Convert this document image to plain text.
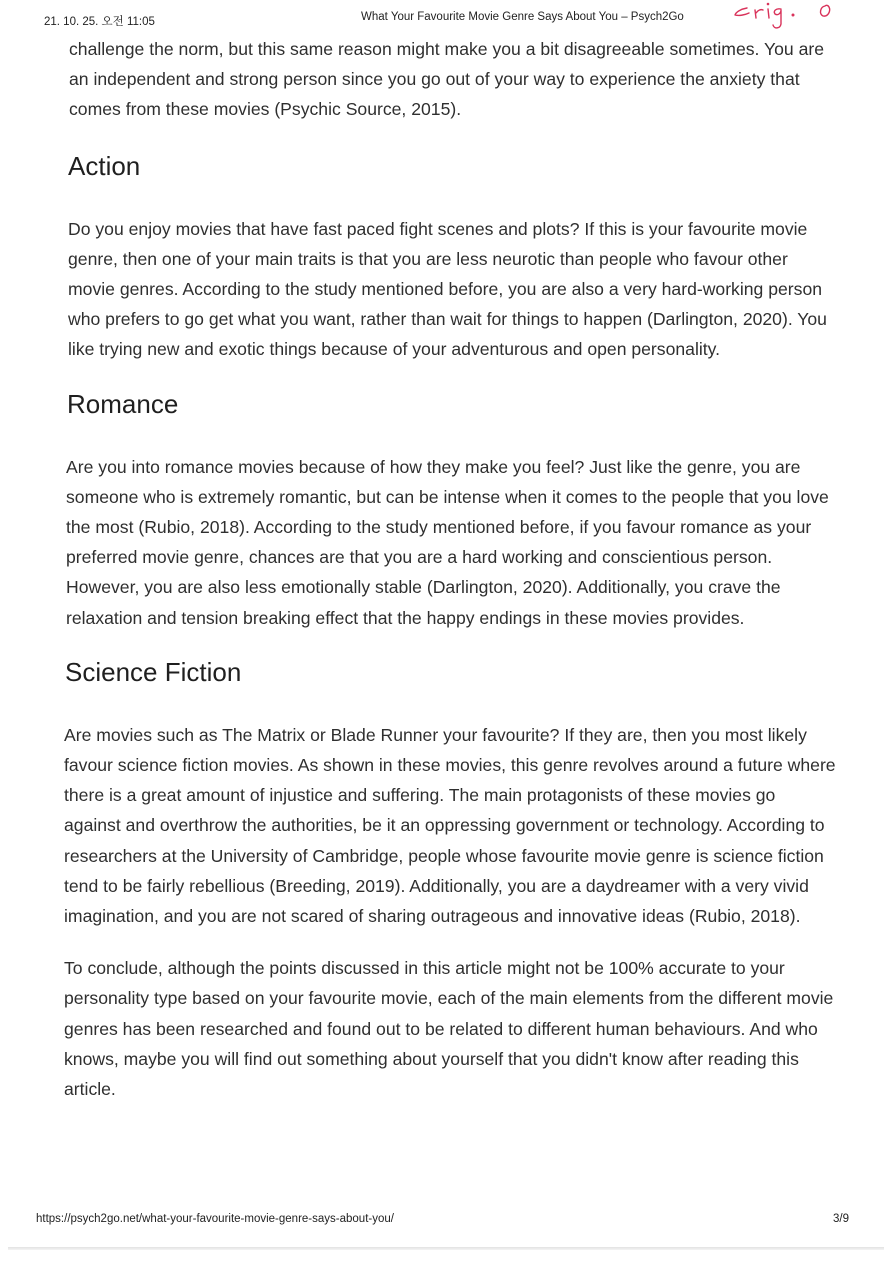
21. 10. 25. 오전 11:05	What Your Favourite Movie Genre Says About You – Psych2Go

challenge the norm, but this same reason might make you a bit disagreeable sometimes. You are an independent and strong person since you go out of your way to experience the anxiety that comes from these movies (Psychic Source, 2015).

Action

Do you enjoy movies that have fast paced fight scenes and plots? If this is your favourite movie genre, then one of your main traits is that you are less neurotic than people who favour other movie genres. According to the study mentioned before, you are also a very hard-working person who prefers to go get what you want, rather than wait for things to happen (Darlington, 2020). You like trying new and exotic things because of your adventurous and open personality.

Romance

Are you into romance movies because of how they make you feel? Just like the genre, you are someone who is extremely romantic, but can be intense when it comes to the people that you love the most (Rubio, 2018). According to the study mentioned before, if you favour romance as your preferred movie genre, chances are that you are a hard working and conscientious person. However, you are also less emotionally stable (Darlington, 2020). Additionally, you crave the relaxation and tension breaking effect that the happy endings in these movies provides.

Science Fiction

Are movies such as The Matrix or Blade Runner your favourite? If they are, then you most likely favour science fiction movies. As shown in these movies, this genre revolves around a future where there is a great amount of injustice and suffering. The main protagonists of these movies go against and overthrow the authorities, be it an oppressing government or technology. According to researchers at the University of Cambridge, people whose favourite movie genre is science fiction tend to be fairly rebellious (Breeding, 2019). Additionally, you are a daydreamer with a very vivid imagination, and you are not scared of sharing outrageous and innovative ideas (Rubio, 2018).

To conclude, although the points discussed in this article might not be 100% accurate to your personality type based on your favourite movie, each of the main elements from the different movie genres has been researched and found out to be related to different human behaviours. And who knows, maybe you will find out something about yourself that you didn't know after reading this article.

https://psych2go.net/what-your-favourite-movie-genre-says-about-you/	3/9
